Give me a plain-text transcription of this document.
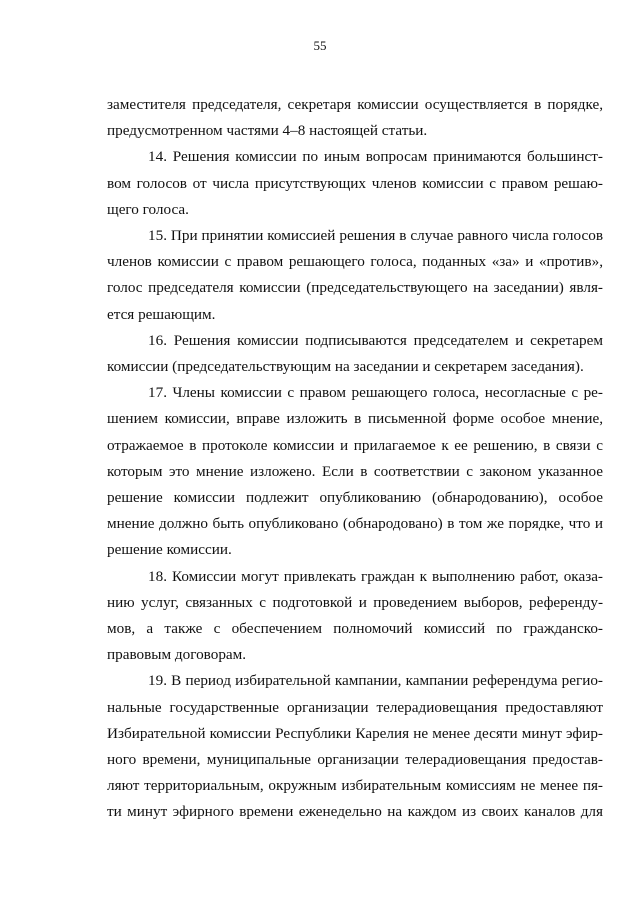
55

заместителя председателя, секретаря комиссии осуществляется в порядке,
предусмотренном частями 4–8 настоящей статьи.

14. Решения комиссии по иным вопросам принимаются большинст-
вом голосов от числа присутствующих членов комиссии с правом решаю-
щего голоса.

15. При принятии комиссией решения в случае равного числа голосов
членов комиссии с правом решающего голоса, поданных «за» и «против»,
голос председателя комиссии (председательствующего на заседании) явля-
ется решающим.

16. Решения комиссии подписываются председателем и секретарем
комиссии (председательствующим на заседании и секретарем заседания).

17. Члены комиссии с правом решающего голоса, несогласные с ре-
шением комиссии, вправе изложить в письменной форме особое мнение,
отражаемое в протоколе комиссии и прилагаемое к ее решению, в связи с
которым это мнение изложено. Если в соответствии с законом указанное
решение комиссии подлежит опубликованию (обнародованию), особое
мнение должно быть опубликовано (обнародовано) в том же порядке, что и
решение комиссии.

18. Комиссии могут привлекать граждан к выполнению работ, оказа-
нию услуг, связанных с подготовкой и проведением выборов, референду-
мов, а также с обеспечением полномочий комиссий по гражданско-
правовым договорам.

19. В период избирательной кампании, кампании референдума регио-
нальные государственные организации телерадиовещания предоставляют
Избирательной комиссии Республики Карелия не менее десяти минут эфир-
ного времени, муниципальные организации телерадиовещания предостав-
ляют территориальным, окружным избирательным комиссиям не менее пя-
ти минут эфирного времени еженедельно на каждом из своих каналов для
